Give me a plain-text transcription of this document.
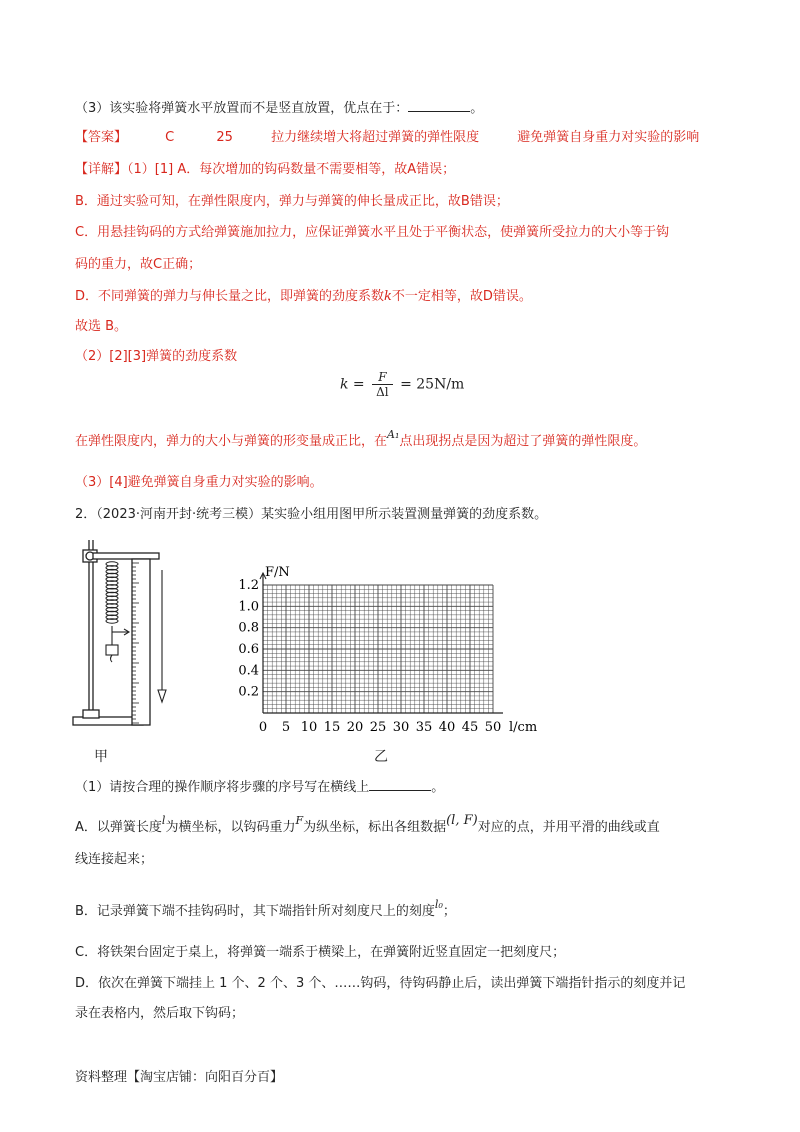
（3）该实验将弹簧水平放置而不是竖直放置，优点在于：	。
【答案】	C	25	拉力继续增大将超过弹簧的弹性限度	避免弹簧自身重力对实验的影响
【详解】（1）[1] A．每次增加的钩码数量不需要相等，故A错误；
B．通过实验可知，在弹性限度内，弹力与弹簧的伸长量成正比，故B错误；
C．用悬挂钩码的方式给弹簧施加拉力，应保证弹簧水平且处于平衡状态，使弹簧所受拉力的大小等于钩
码的重力，故C正确；
D．不同弹簧的弹力与伸长量之比，即弹簧的劲度系数k不一定相等，故D错误。
故选 B。
（2）[2][3]弹簧的劲度系数
$k = \frac{F}{\Delta l} = 25N/m$
在弹性限度内，弹力的大小与弹簧的形变量成正比，在$^{A_1}$点出现拐点是因为超过了弹簧的弹性限度。
（3）[4]避免弹簧自身重力对实验的影响。
2．（2023·河南开封·统考三模）某实验小组用图甲所示装置测量弹簧的劲度系数。
甲
0 5 10 15 20 25 30 35 40 45 50
0.2
0.4
0.6
0.8
1.0
1.2
F/N
l/cm
乙
（1）请按合理的操作顺序将步骤的序号写在横线上	。
A．以弹簧长度$^l$为横坐标，以钩码重力$^F$为纵坐标，标出各组数据(l, F)对应的点，并用平滑的曲线或直
线连接起来；
B．记录弹簧下端不挂钩码时，其下端指针所对刻度尺上的刻度$^{l_0}$；
C．将铁架台固定于桌上，将弹簧一端系于横梁上，在弹簧附近竖直固定一把刻度尺；
D．依次在弹簧下端挂上 1 个、2 个、3 个、……钩码，待钩码静止后，读出弹簧下端指针指示的刻度并记
录在表格内，然后取下钩码；
资料整理【淘宝店铺：向阳百分百】
